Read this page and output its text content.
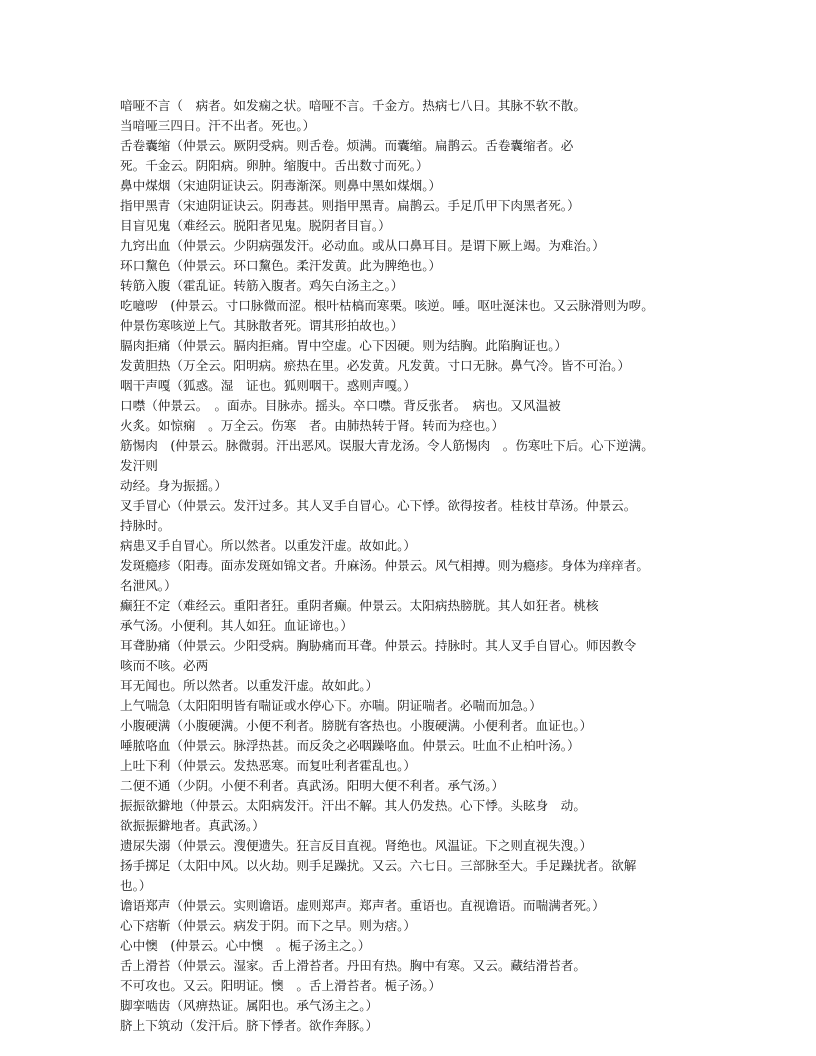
喑哑不言（　病者。如发痫之状。喑哑不言。千金方。热病七八日。其脉不软不散。
当喑哑三四日。汗不出者。死也。）
舌卷囊缩（仲景云。厥阴受病。则舌卷。烦满。而囊缩。扁鹊云。舌卷囊缩者。必
死。千金云。阴阳病。卵肿。缩腹中。舌出数寸而死。）
鼻中煤烟（宋迪阴证诀云。阴毒渐深。则鼻中黑如煤烟。）
指甲黑青（宋迪阴证诀云。阴毒甚。则指甲黑青。扁鹊云。手足爪甲下肉黑者死。）
目盲见鬼（难经云。脱阳者见鬼。脱阴者目盲。）
九窍出血（仲景云。少阴病强发汗。必动血。或从口鼻耳目。是谓下厥上竭。为难治。）
环口黧色（仲景云。环口黧色。柔汗发黄。此为脾绝也。）
转筋入腹（霍乱证。转筋入腹者。鸡矢白汤主之。）
吃噫哕　(仲景云。寸口脉微而涩。根叶枯槁而寒栗。咳逆。唾。呕吐涎沫也。又云脉滑则为哕。
仲景伤寒咳逆上气。其脉散者死。谓其形拍故也。）
膈肉拒痛（仲景云。膈肉拒痛。胃中空虚。心下因硬。则为结胸。此陷胸证也。）
发黄胆热（万全云。阳明病。瘀热在里。必发黄。凡发黄。寸口无脉。鼻气冷。皆不可治。）
咽干声嘎（狐惑。湿　证也。狐则咽干。惑则声嘎。）
口噤（仲景云。　。面赤。目脉赤。摇头。卒口噤。背反张者。　病也。又风温被
火炙。如惊痫　。万全云。伤寒　者。由肺热转于肾。转而为痉也。）
筋惕肉　(仲景云。脉微弱。汗出恶风。误服大青龙汤。令人筋惕肉　。伤寒吐下后。心下逆满。
发汗则
动经。身为振摇。）
叉手冒心（仲景云。发汗过多。其人叉手自冒心。心下悸。欲得按者。桂枝甘草汤。仲景云。
持脉时。
病患叉手自冒心。所以然者。以重发汗虚。故如此。）
发斑瘾疹（阳毒。面赤发斑如锦文者。升麻汤。仲景云。风气相搏。则为瘾疹。身体为痒痒者。
名泄风。）
癫狂不定（难经云。重阳者狂。重阴者癫。仲景云。太阳病热膀胱。其人如狂者。桃核
承气汤。小便利。其人如狂。血证谛也。）
耳聋胁痛（仲景云。少阳受病。胸胁痛而耳聋。仲景云。持脉时。其人叉手自冒心。师因教令
咳而不咳。必两
耳无闻也。所以然者。以重发汗虚。故如此。）
上气喘急（太阳阳明皆有喘证或水停心下。亦喘。阴证喘者。必喘而加急。）
小腹硬满（小腹硬满。小便不利者。膀胱有客热也。小腹硬满。小便利者。血证也。）
唾脓咯血（仲景云。脉浮热甚。而反灸之必咽躁咯血。仲景云。吐血不止柏叶汤。）
上吐下利（仲景云。发热恶寒。而复吐利者霍乱也。）
二便不通（少阴。小便不利者。真武汤。阳明大便不利者。承气汤。）
振振欲擗地（仲景云。太阳病发汗。汗出不解。其人仍发热。心下悸。头眩身　动。
欲振振擗地者。真武汤。）
遗尿失溺（仲景云。溲便遗失。狂言反目直视。肾绝也。风温证。下之则直视失溲。）
扬手掷足（太阳中风。以火劫。则手足躁扰。又云。六七日。三部脉至大。手足躁扰者。欲解
也。）
谵语郑声（仲景云。实则谵语。虚则郑声。郑声者。重语也。直视谵语。而喘满者死。）
心下痞靳（仲景云。病发于阴。而下之早。则为痞。）
心中懊　(仲景云。心中懊　。栀子汤主之。）
舌上滑苔（仲景云。湿家。舌上滑苔者。丹田有热。胸中有寒。又云。藏结滑苔者。
不可攻也。又云。阳明证。懊　。舌上滑苔者。栀子汤。）
脚挛啮齿（风痹热证。属阳也。承气汤主之。）
脐上下筑动（发汗后。脐下悸者。欲作奔豚。）
